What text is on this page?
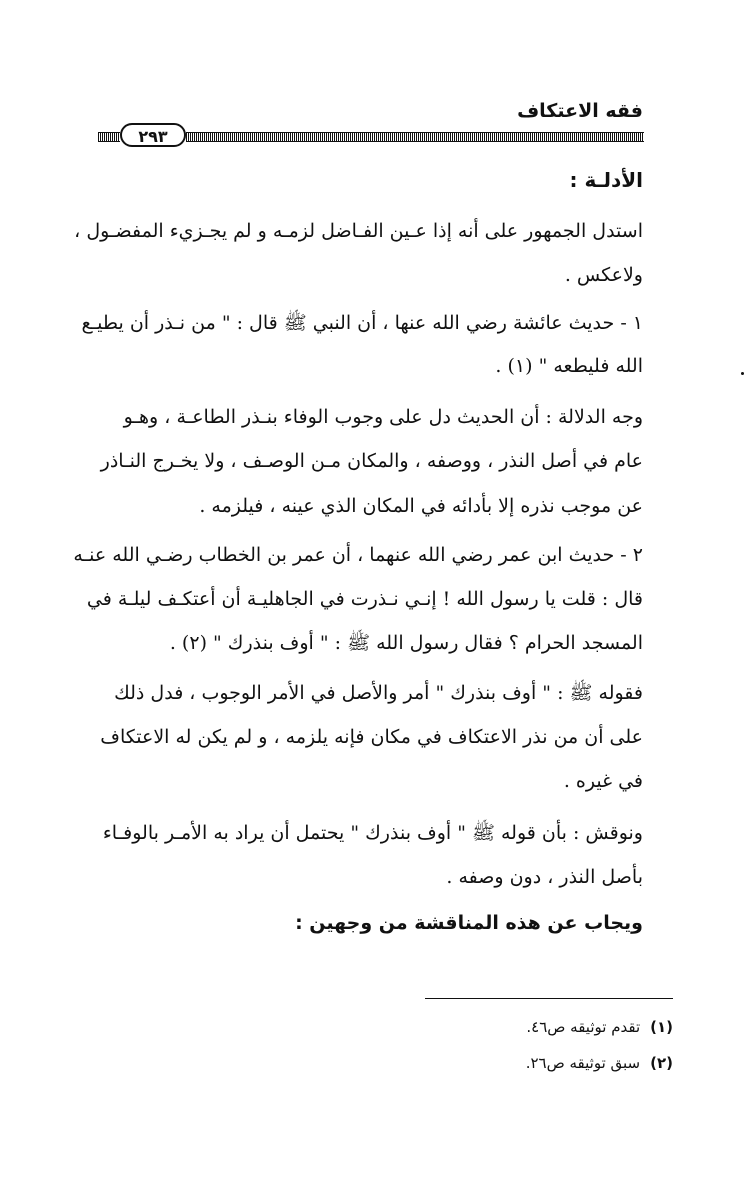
فقه الاعتكاف
٢٩٣
الأدلـة :
استدل الجمهور على أنه إذا عـين الفـاضل لزمـه و لم يجـزيء المفضـول ،
ولاعكس .
١ - حديث عائشة رضي الله عنها ، أن النبي ﷺ قال : " من نـذر أن يطيـع
الله فليطعه " (١) .
وجه الدلالة : أن الحديث دل على وجوب الوفاء بنـذر الطاعـة ، وهـو
عام في أصل النذر ، ووصفه ، والمكان مـن الوصـف ، ولا يخـرج النـاذر
عن موجب نذره إلا بأدائه في المكان الذي عينه ، فيلزمه .
٢ - حديث ابن عمر رضي الله عنهما ، أن عمر بن الخطاب رضـي الله عنـه
قال : قلت يا رسول الله ! إنـي نـذرت في الجاهليـة أن أعتكـف ليلـة في
المسجد الحرام ؟ فقال رسول الله ﷺ : " أوف بنذرك " (٢) .
فقوله ﷺ : " أوف بنذرك " أمر والأصل في الأمر الوجوب ، فدل ذلك
على أن من نذر الاعتكاف في مكان فإنه يلزمه ، و لم يكن له الاعتكاف
في غيره .
ونوقش : بأن قوله ﷺ " أوف بنذرك " يحتمل أن يراد به الأمـر بالوفـاء
بأصل النذر ، دون وصفه .
ويجاب عن هذه المناقشة من وجهين :
(١)تقدم توثيقه ص٤٦.
(٢)سبق توثيقه ص٢٦.
